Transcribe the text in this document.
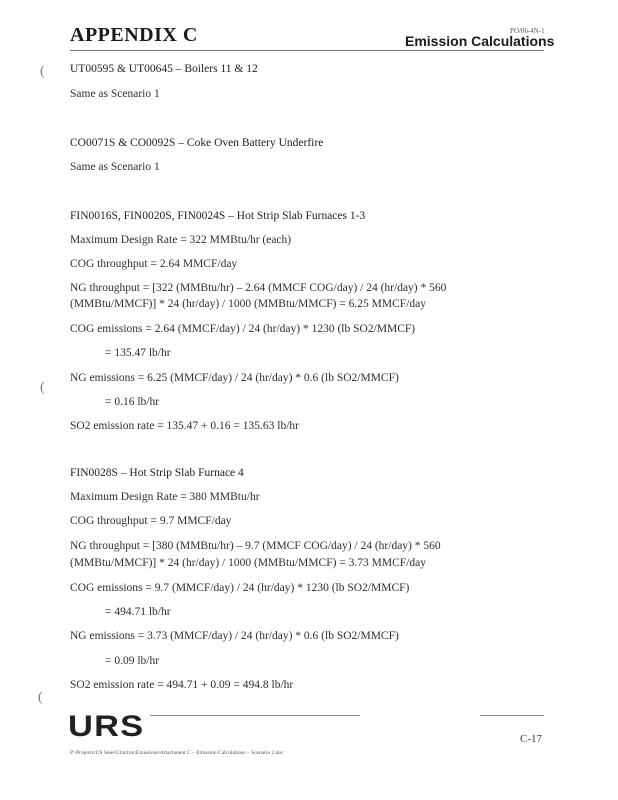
APPENDIX C	PO/06-4N-1
Emission Calculations
(
(
(
UT00595 & UT00645 – Boilers 11 & 12
Same as Scenario 1
CO0071S & CO0092S – Coke Oven Battery Underfire
Same as Scenario 1
FIN0016S, FIN0020S, FIN0024S – Hot Strip Slab Furnaces 1-3
Maximum Design Rate = 322 MMBtu/hr (each)
COG throughput = 2.64 MMCF/day
NG throughput = [322 (MMBtu/hr) – 2.64 (MMCF COG/day) / 24 (hr/day) * 560
(MMBtu/MMCF)] * 24 (hr/day) / 1000 (MMBtu/MMCF) = 6.25 MMCF/day
COG emissions = 2.64 (MMCF/day) / 24 (hr/day) * 1230 (lb SO2/MMCF)
= 135.47 lb/hr
NG emissions = 6.25 (MMCF/day) / 24 (hr/day) * 0.6 (lb SO2/MMCF)
= 0.16 lb/hr
SO2 emission rate = 135.47 + 0.16 = 135.63 lb/hr
FIN0028S – Hot Strip Slab Furnace 4
Maximum Design Rate = 380 MMBtu/hr
COG throughput = 9.7 MMCF/day
NG throughput = [380 (MMBtu/hr) – 9.7 (MMCF COG/day) / 24 (hr/day) * 560
(MMBtu/MMCF)] * 24 (hr/day) / 1000 (MMBtu/MMCF) = 3.73 MMCF/day
COG emissions = 9.7 (MMCF/day) / 24 (hr/day) * 1230 (lb SO2/MMCF)
= 494.71 lb/hr
NG emissions = 3.73 (MMCF/day) / 24 (hr/day) * 0.6 (lb SO2/MMCF)
= 0.09 lb/hr
SO2 emission rate = 494.71 + 0.09 = 494.8 lb/hr
URS	C-17
P:\Projects\US Steel\Clairton\Emissions\Attachment C – Emission Calculations – Scenario 2.doc
